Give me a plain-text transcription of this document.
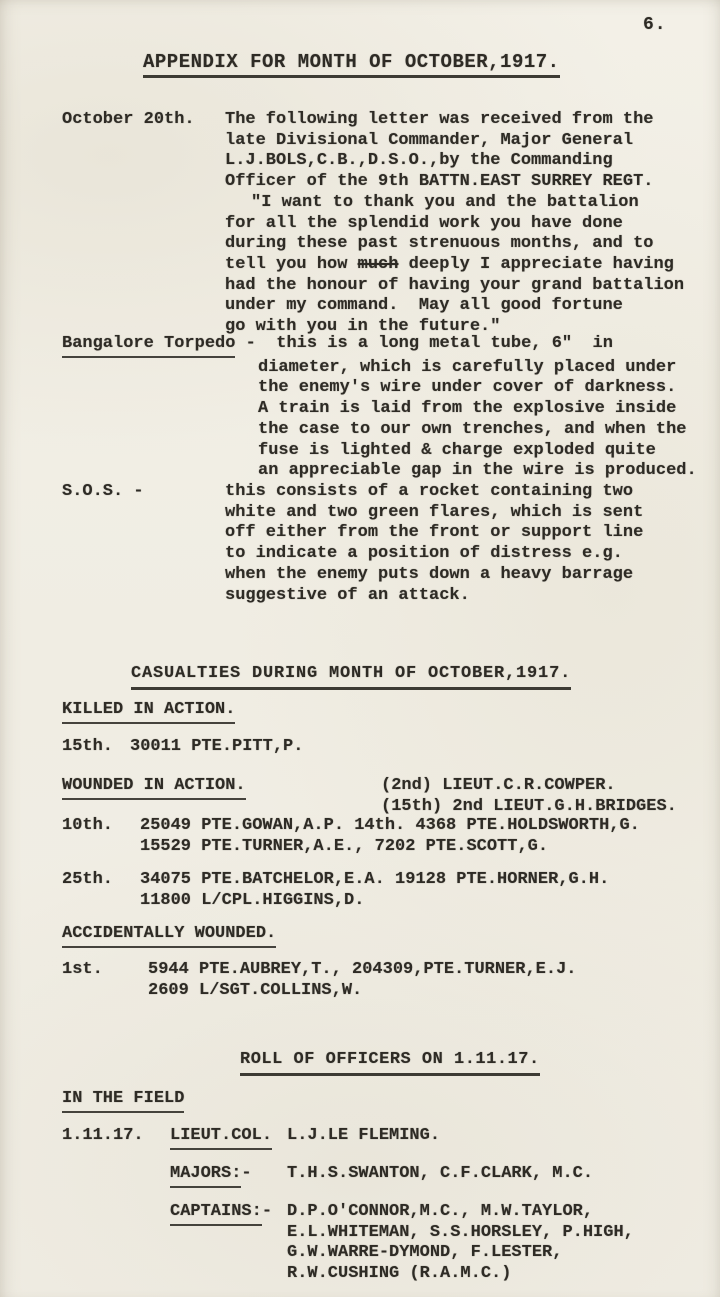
6.
APPENDIX FOR MONTH OF OCTOBER,1917.
October 20th. The following letter was received from the
late Divisional Commander, Major General
L.J.BOLS,C.B.,D.S.O.,by the Commanding
Officer of the 9th BATTN.EAST SURREY REGT.
"I want to thank you and the battalion
for all the splendid work you have done
during these past strenuous months, and to
tell you how much deeply I appreciate having
had the honour of having your grand battalion
under my command.  May all good fortune
go with you in the future."
Bangalore Torpedo -  this is a long metal tube, 6"  in
diameter, which is carefully placed under
the enemy's wire under cover of darkness.
A train is laid from the explosive inside
the case to our own trenches, and when the
fuse is lighted & charge exploded quite
an appreciable gap in the wire is produced.
S.O.S. -	this consists of a rocket containing two
white and two green flares, which is sent
off either from the front or support line
to indicate a position of distress e.g.
when the enemy puts down a heavy barrage
suggestive of an attack.
CASUALTIES DURING MONTH OF OCTOBER,1917.
KILLED IN ACTION.
15th. 30011 PTE.PITT,P.
WOUNDED IN ACTION.	(2nd) LIEUT.C.R.COWPER.
(15th) 2nd LIEUT.G.H.BRIDGES.
10th. 25049 PTE.GOWAN,A.P. 14th. 4368 PTE.HOLDSWORTH,G.
15529 PTE.TURNER,A.E., 7202 PTE.SCOTT,G.
25th. 34075 PTE.BATCHELOR,E.A. 19128 PTE.HORNER,G.H.
11800 L/CPL.HIGGINS,D.
ACCIDENTALLY WOUNDED.
1st.	5944 PTE.AUBREY,T., 204309,PTE.TURNER,E.J.
2609 L/SGT.COLLINS,W.
ROLL OF OFFICERS ON 1.11.17.
IN THE FIELD
1.11.17. LIEUT.COL. L.J.LE FLEMING.
MAJORS:- T.H.S.SWANTON, C.F.CLARK, M.C.
CAPTAINS:- D.P.O'CONNOR,M.C., M.W.TAYLOR,
E.L.WHITEMAN, S.S.HORSLEY, P.HIGH,
G.W.WARRE-DYMOND, F.LESTER,
R.W.CUSHING (R.A.M.C.)
